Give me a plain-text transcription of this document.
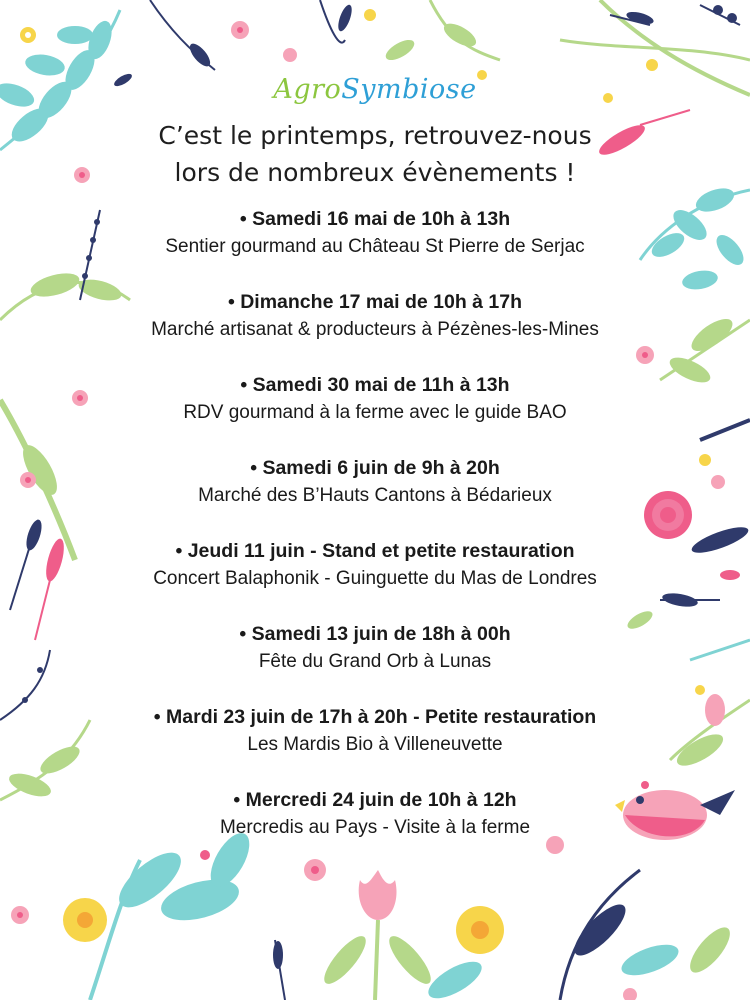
AgroSymbiose
C’est le printemps, retrouvez-nous
lors de nombreux évènements !
• Samedi 16 mai de 10h à 13h
Sentier gourmand au Château St Pierre de Serjac
• Dimanche 17 mai de 10h à 17h
Marché artisanat & producteurs à Pézènes-les-Mines
• Samedi 30 mai de 11h à 13h
RDV gourmand à la ferme avec le guide BAO
• Samedi 6 juin de 9h à 20h
Marché des B’Hauts Cantons à Bédarieux
• Jeudi 11 juin - Stand et petite restauration
Concert Balaphonik - Guinguette du Mas de Londres
• Samedi 13 juin de 18h à 00h
Fête du Grand Orb à Lunas
• Mardi 23 juin de 17h à 20h - Petite restauration
Les Mardis Bio à Villeneuvette
• Mercredi 24 juin de 10h à 12h
Mercredis au Pays - Visite à la ferme
